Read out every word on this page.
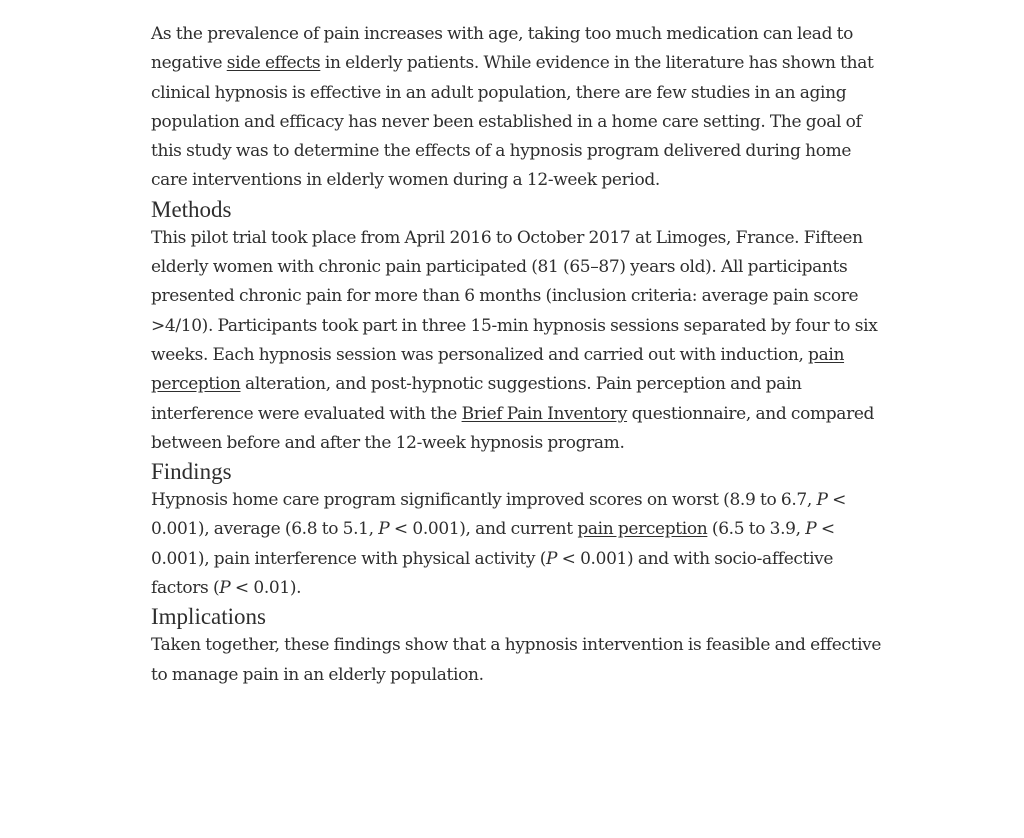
As the prevalence of pain increases with age, taking too much medication can lead to negative side effects in elderly patients. While evidence in the literature has shown that clinical hypnosis is effective in an adult population, there are few studies in an aging population and efficacy has never been established in a home care setting. The goal of this study was to determine the effects of a hypnosis program delivered during home care interventions in elderly women during a 12-week period.

Methods

This pilot trial took place from April 2016 to October 2017 at Limoges, France. Fifteen elderly women with chronic pain participated (81 (65–87) years old). All participants presented chronic pain for more than 6 months (inclusion criteria: average pain score >4/10). Participants took part in three 15-min hypnosis sessions separated by four to six weeks. Each hypnosis session was personalized and carried out with induction, pain perception alteration, and post-hypnotic suggestions. Pain perception and pain interference were evaluated with the Brief Pain Inventory questionnaire, and compared between before and after the 12-week hypnosis program.

Findings

Hypnosis home care program significantly improved scores on worst (8.9 to 6.7, P < 0.001), average (6.8 to 5.1, P < 0.001), and current pain perception (6.5 to 3.9, P < 0.001), pain interference with physical activity (P < 0.001) and with socio-affective factors (P < 0.01).

Implications

Taken together, these findings show that a hypnosis intervention is feasible and effective to manage pain in an elderly population.
